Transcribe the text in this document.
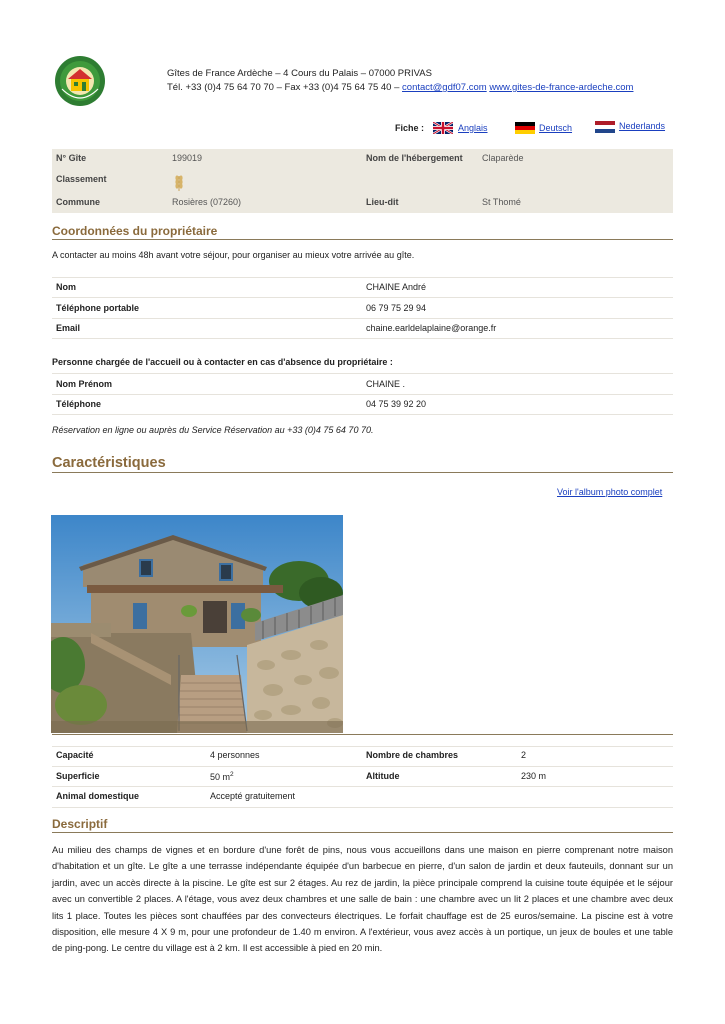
Gîtes de France Ardèche – 4 Cours du Palais – 07000 PRIVAS
Tél. +33 (0)4 75 64 70 70 – Fax +33 (0)4 75 64 75 40 – contact@gdf07.com www.gites-de-france-ardeche.com
Fiche :	Anglais	Deutsch	Nederlands
N° Gîte	199019	Nom de l'hébergement Claparède
Classement
Commune	Rosières (07260)	Lieu-dit	St Thomé
Coordonnées du propriétaire
A contacter au moins 48h avant votre séjour, pour organiser au mieux votre arrivée au gîte.
Nom	CHAINE André
Téléphone portable	06 79 75 29 94
Email	chaine.earldelaplaine@orange.fr
Personne chargée de l'accueil ou à contacter en cas d'absence du propriétaire :
Nom Prénom	CHAINE .
Téléphone	04 75 39 92 20
Réservation en ligne ou auprès du Service Réservation au +33 (0)4 75 64 70 70.
Caractéristiques
Voir l'album photo complet
Capacité	4 personnes	Nombre de chambres	2
Superficie	50 $m^2$	Altitude	230 m
Animal domestique	Accepté gratuitement
Descriptif
Au milieu des champs de vignes et en bordure d'une forêt de pins, nous vous accueillons dans une maison en pierre comprenant notre maison d'habitation et un gîte. Le gîte a une terrasse indépendante équipée d'un barbecue en pierre, d'un salon de jardin et deux fauteuils, donnant sur un jardin, avec un accès directe à la piscine. Le gîte est sur 2 étages. Au rez de jardin, la pièce principale comprend la cuisine toute équipée et le séjour avec un convertible 2 places. A l'étage, vous avez deux chambres et une salle de bain : une chambre avec un lit 2 places et une chambre avec deux lits 1 place. Toutes les pièces sont chauffées par des convecteurs électriques. Le forfait chauffage est de 25 euros/semaine. La piscine est à votre disposition, elle mesure 4 X 9 m, pour une profondeur de 1.40 m environ. A l'extérieur, vous avez accès à un portique, un jeux de boules et une table de ping-pong. Le centre du village est à 2 km. Il est accessible à pied en 20 min.
